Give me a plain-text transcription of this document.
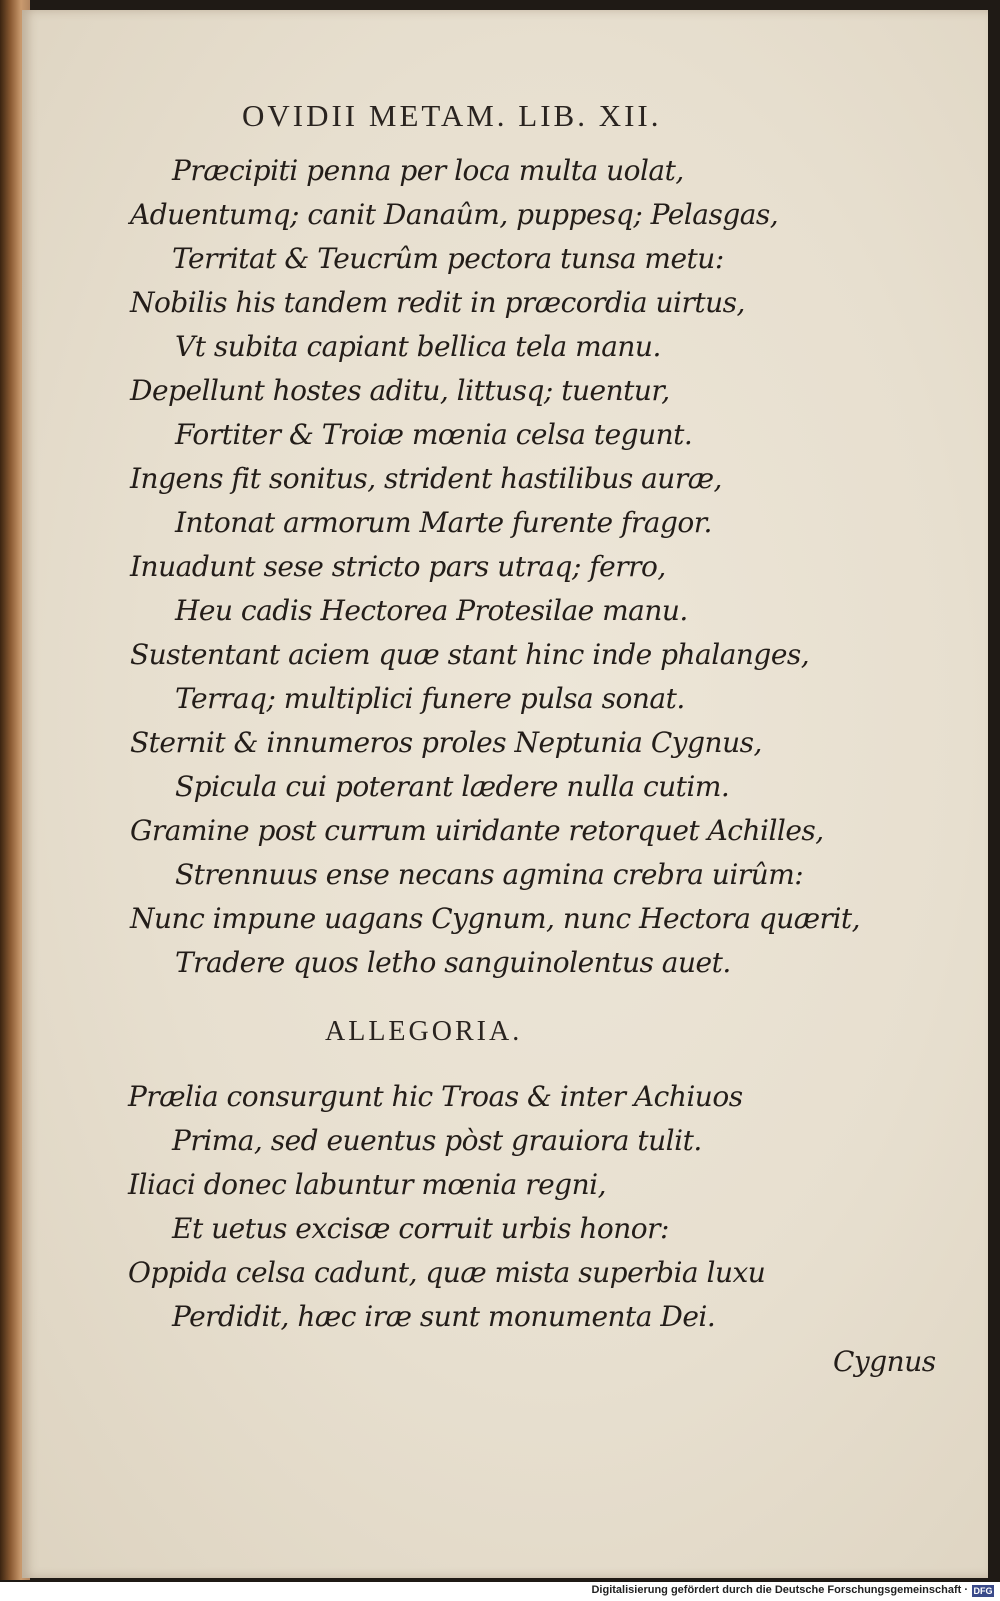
OVIDII METAM. LIB. XII.
Præcipiti penna per loca multa uolat,
Aduentumq; canit Danaûm, puppesq; Pelasgas,
Territat & Teucrûm pectora tunsa metu:
Nobilis his tandem redit in præcordia uirtus,
Vt subita capiant bellica tela manu.
Depellunt hostes aditu, littusq; tuentur,
Fortiter & Troiæ mœnia celsa tegunt.
Ingens fit sonitus, strident hastilibus auræ,
Intonat armorum Marte furente fragor.
Inuadunt sese stricto pars utraq; ferro,
Heu cadis Hectorea Protesilae manu.
Sustentant aciem quæ stant hinc inde phalanges,
Terraq; multiplici funere pulsa sonat.
Sternit & innumeros proles Neptunia Cygnus,
Spicula cui poterant lædere nulla cutim.
Gramine post currum uiridante retorquet Achilles,
Strennuus ense necans agmina crebra uirûm:
Nunc impune uagans Cygnum, nunc Hectora quærit,
Tradere quos letho sanguinolentus auet.
ALLEGORIA.
Prælia consurgunt hic Troas & inter Achiuos
Prima, sed euentus pòst grauiora tulit.
Iliaci donec labuntur mœnia regni,
Et uetus excisæ corruit urbis honor:
Oppida celsa cadunt, quæ mista superbia luxu
Perdidit, hæc iræ sunt monumenta Dei.
Cygnus
Digitalisierung gefördert durch die Deutsche Forschungsgemeinschaft · DFG
